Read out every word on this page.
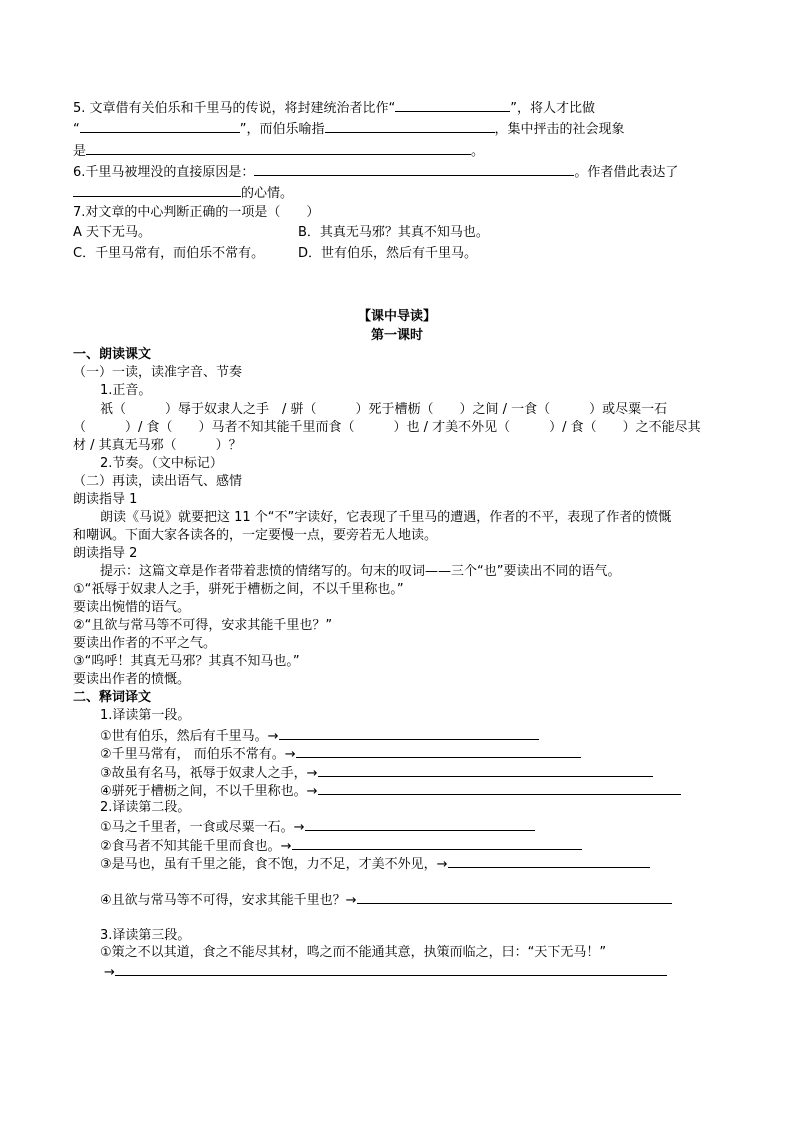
5. 文章借有关伯乐和千里马的传说，将封建统治者比作“	”，将人才比做
“	”，而伯乐喻指	，集中抨击的社会现象
是	。
6.千里马被埋没的直接原因是：	。作者借此表达了
的心情。
7.对文章的中心判断正确的一项是（　　）
A 天下无马。	B．其真无马邪？其真不知马也。
C．千里马常有，而伯乐不常有。	D．世有伯乐，然后有千里马。
【课中导读】
第一课时
一、朗读课文
（一）一读，读准字音、节奏
1.正音。
祇（　　　）辱于奴隶人之手　/ 骈（　　　）死于槽枥（　　）之间 / 一食（　　　）或尽粟一石
（　　　）/ 食（　　）马者不知其能千里而食（　　　）也 / 才美不外见（　　　）/ 食（　　）之不能尽其
材 / 其真无马邪（　　　）？
2.节奏。（文中标记）
（二）再读，读出语气、感情
朗读指导 1
朗读《马说》就要把这 11 个“不”字读好，它表现了千里马的遭遇，作者的不平，表现了作者的愤慨
和嘲讽。下面大家各读各的，一定要慢一点，要旁若无人地读。
朗读指导 2
提示：这篇文章是作者带着悲愤的情绪写的。句末的叹词——三个“也”要读出不同的语气。
①“祇辱于奴隶人之手，骈死于槽枥之间，不以千里称也。”
要读出惋惜的语气。
②“且欲与常马等不可得，安求其能千里也？”
要读出作者的不平之气。
③“呜呼！其真无马邪？其真不知马也。”
要读出作者的愤慨。
二、释词译文
1.译读第一段。
①世有伯乐，然后有千里马。→
②千里马常有， 而伯乐不常有。→
③故虽有名马，祇辱于奴隶人之手，→
④骈死于槽枥之间，不以千里称也。→
2.译读第二段。
①马之千里者，一食或尽粟一石。→
②食马者不知其能千里而食也。→
③是马也，虽有千里之能，食不饱，力不足，才美不外见，→
④且欲与常马等不可得，安求其能千里也？→
3.译读第三段。
①策之不以其道，食之不能尽其材，鸣之而不能通其意，执策而临之，曰：“天下无马！”
→
